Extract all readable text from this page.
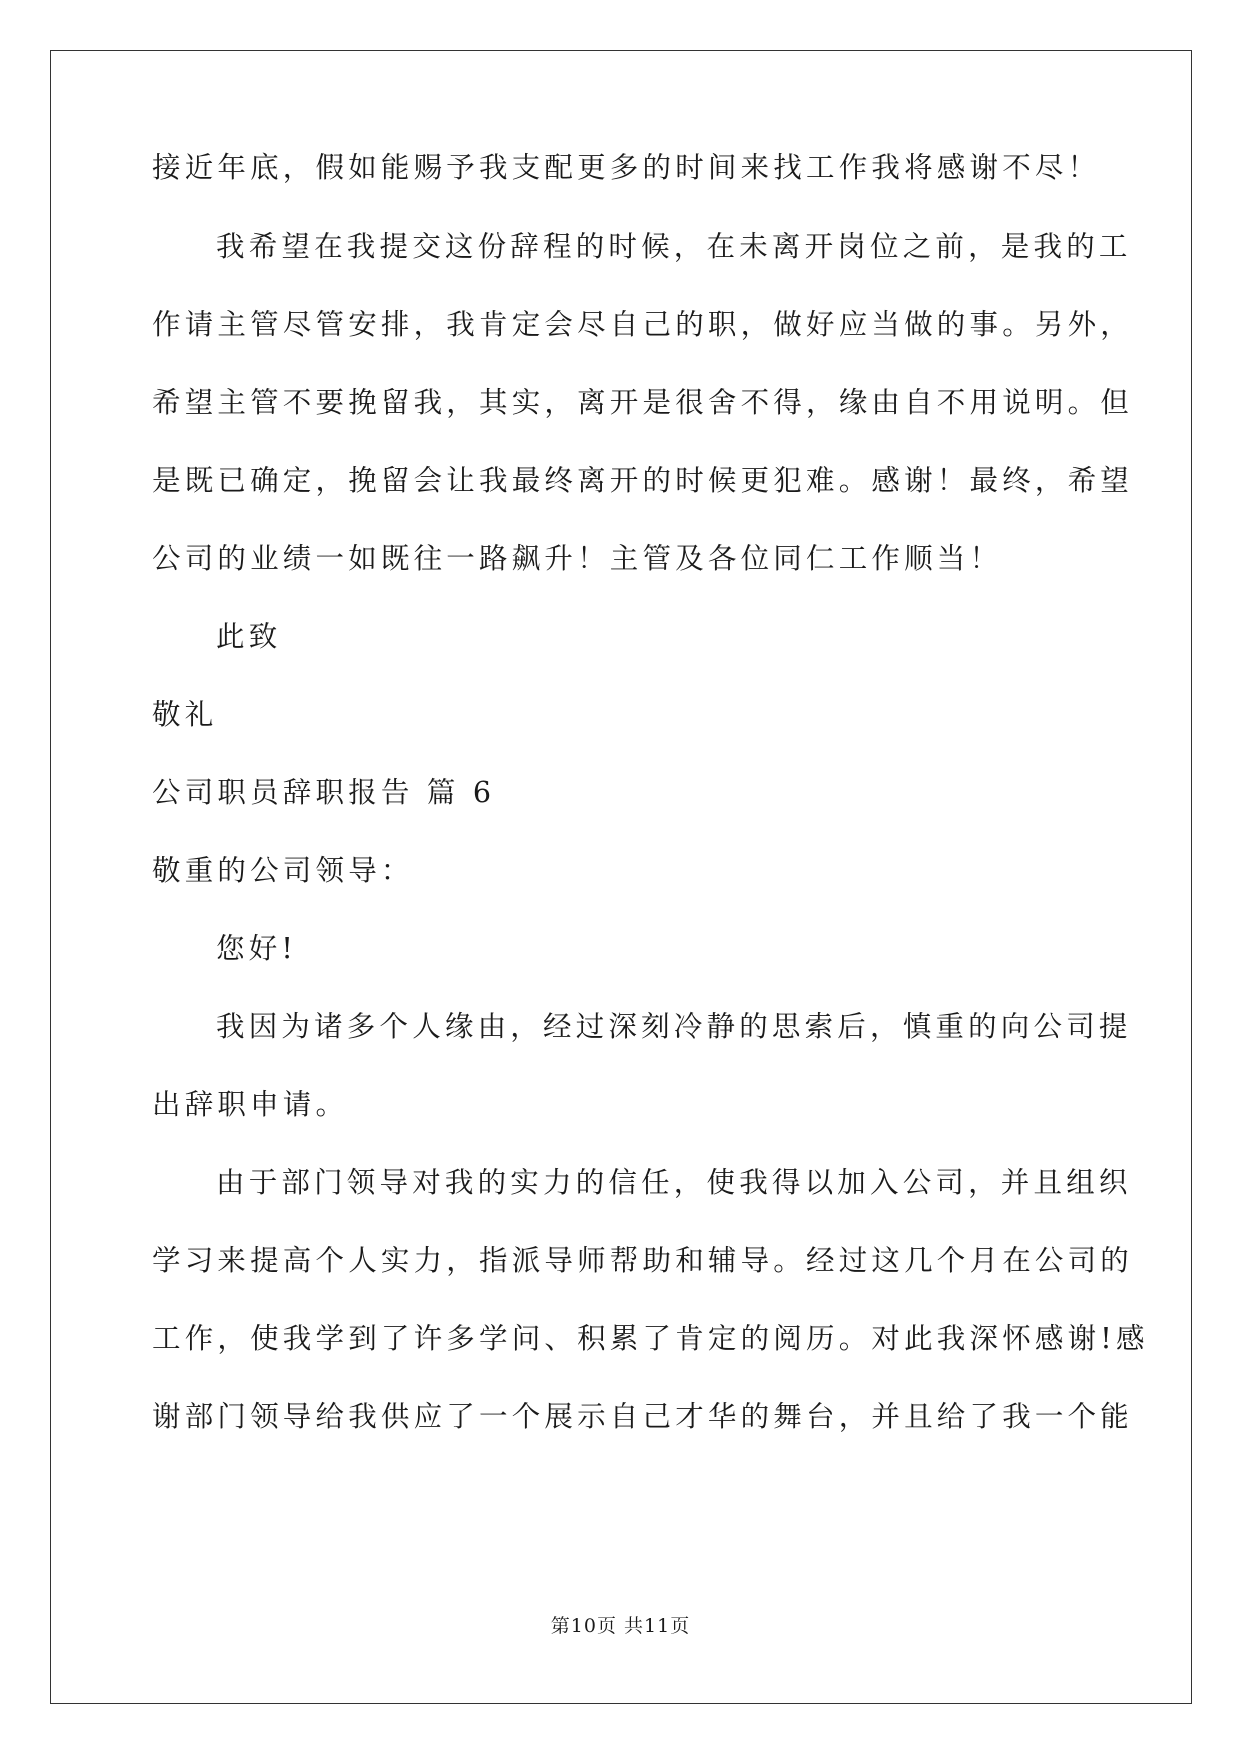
接近年底，假如能赐予我支配更多的时间来找工作我将感谢不尽！
我希望在我提交这份辞程的时候，在未离开岗位之前，是我的工
作请主管尽管安排，我肯定会尽自己的职，做好应当做的事。另外，
希望主管不要挽留我，其实，离开是很舍不得，缘由自不用说明。但
是既已确定，挽留会让我最终离开的时候更犯难。感谢！最终，希望
公司的业绩一如既往一路飙升！主管及各位同仁工作顺当！
此致
敬礼
公司职员辞职报告 篇 6
敬重的公司领导：
您好!
我因为诸多个人缘由，经过深刻冷静的思索后，慎重的向公司提
出辞职申请。
由于部门领导对我的实力的信任，使我得以加入公司，并且组织
学习来提高个人实力，指派导师帮助和辅导。经过这几个月在公司的
工作，使我学到了许多学问、积累了肯定的阅历。对此我深怀感谢!感
谢部门领导给我供应了一个展示自己才华的舞台，并且给了我一个能
第10页 共11页
